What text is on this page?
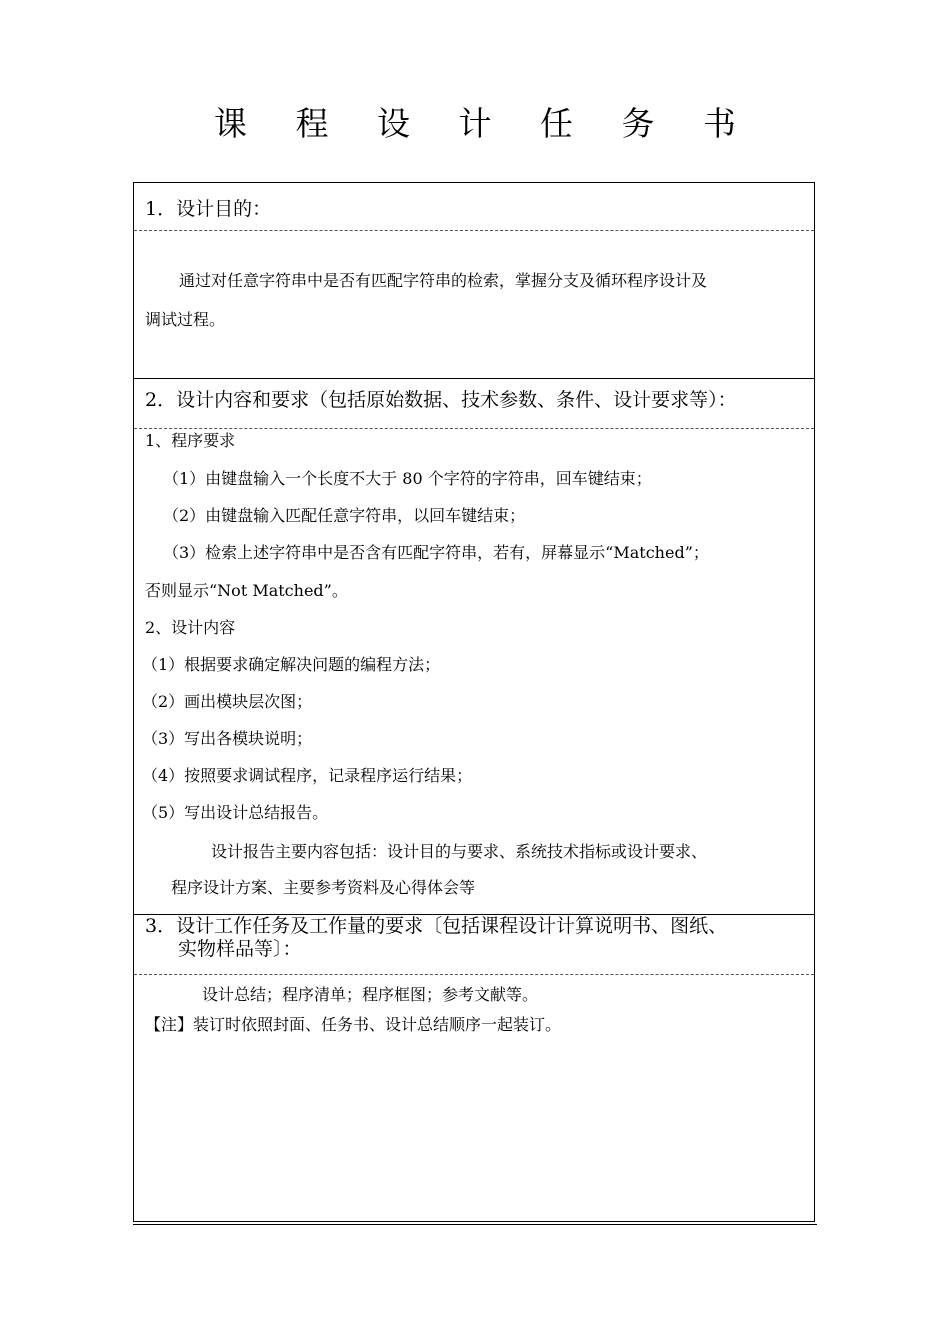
课 程 设 计 任 务 书
1．设计目的：
通过对任意字符串中是否有匹配字符串的检索，掌握分支及循环程序设计及
调试过程。
2．设计内容和要求（包括原始数据、技术参数、条件、设计要求等）：
1、程序要求
（1）由键盘输入一个长度不大于 80 个字符的字符串，回车键结束；
（2）由键盘输入匹配任意字符串，以回车键结束；
（3）检索上述字符串中是否含有匹配字符串，若有，屏幕显示“Matched”；
否则显示“Not Matched”。
2、设计内容
（1）根据要求确定解决问题的编程方法；
（2）画出模块层次图；
（3）写出各模块说明；
（4）按照要求调试程序，记录程序运行结果；
（5）写出设计总结报告。
设计报告主要内容包括：设计目的与要求、系统技术指标或设计要求、
程序设计方案、主要参考资料及心得体会等
3．设计工作任务及工作量的要求〔包括课程设计计算说明书、图纸、
实物样品等〕：
设计总结；程序清单；程序框图；参考文献等。
【注】装订时依照封面、任务书、设计总结顺序一起装订。
